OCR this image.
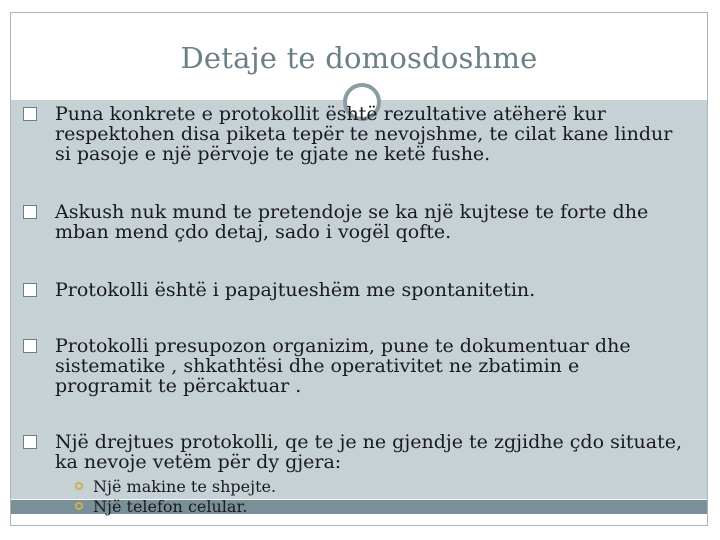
Detaje te domosdoshme
Puna konkrete e protokollit është rezultative atëherë kur respektohen disa piketa tepër te nevojshme, te cilat kane lindur si pasoje e një përvoje te gjate ne ketë fushe.
Askush nuk mund te pretendoje se ka një kujtese te forte dhe mban mend çdo detaj, sado i vogël qofte.
Protokolli është i papajtueshëm me spontanitetin.
Protokolli presupozon organizim, pune te dokumentuar dhe sistematike , shkathtësi dhe operativitet ne zbatimin e programit te përcaktuar .
Një drejtues protokolli, qe te je ne gjendje te zgjidhe çdo situate, ka nevoje vetëm për dy gjera:
Një makine te shpejte.
Një telefon celular.
